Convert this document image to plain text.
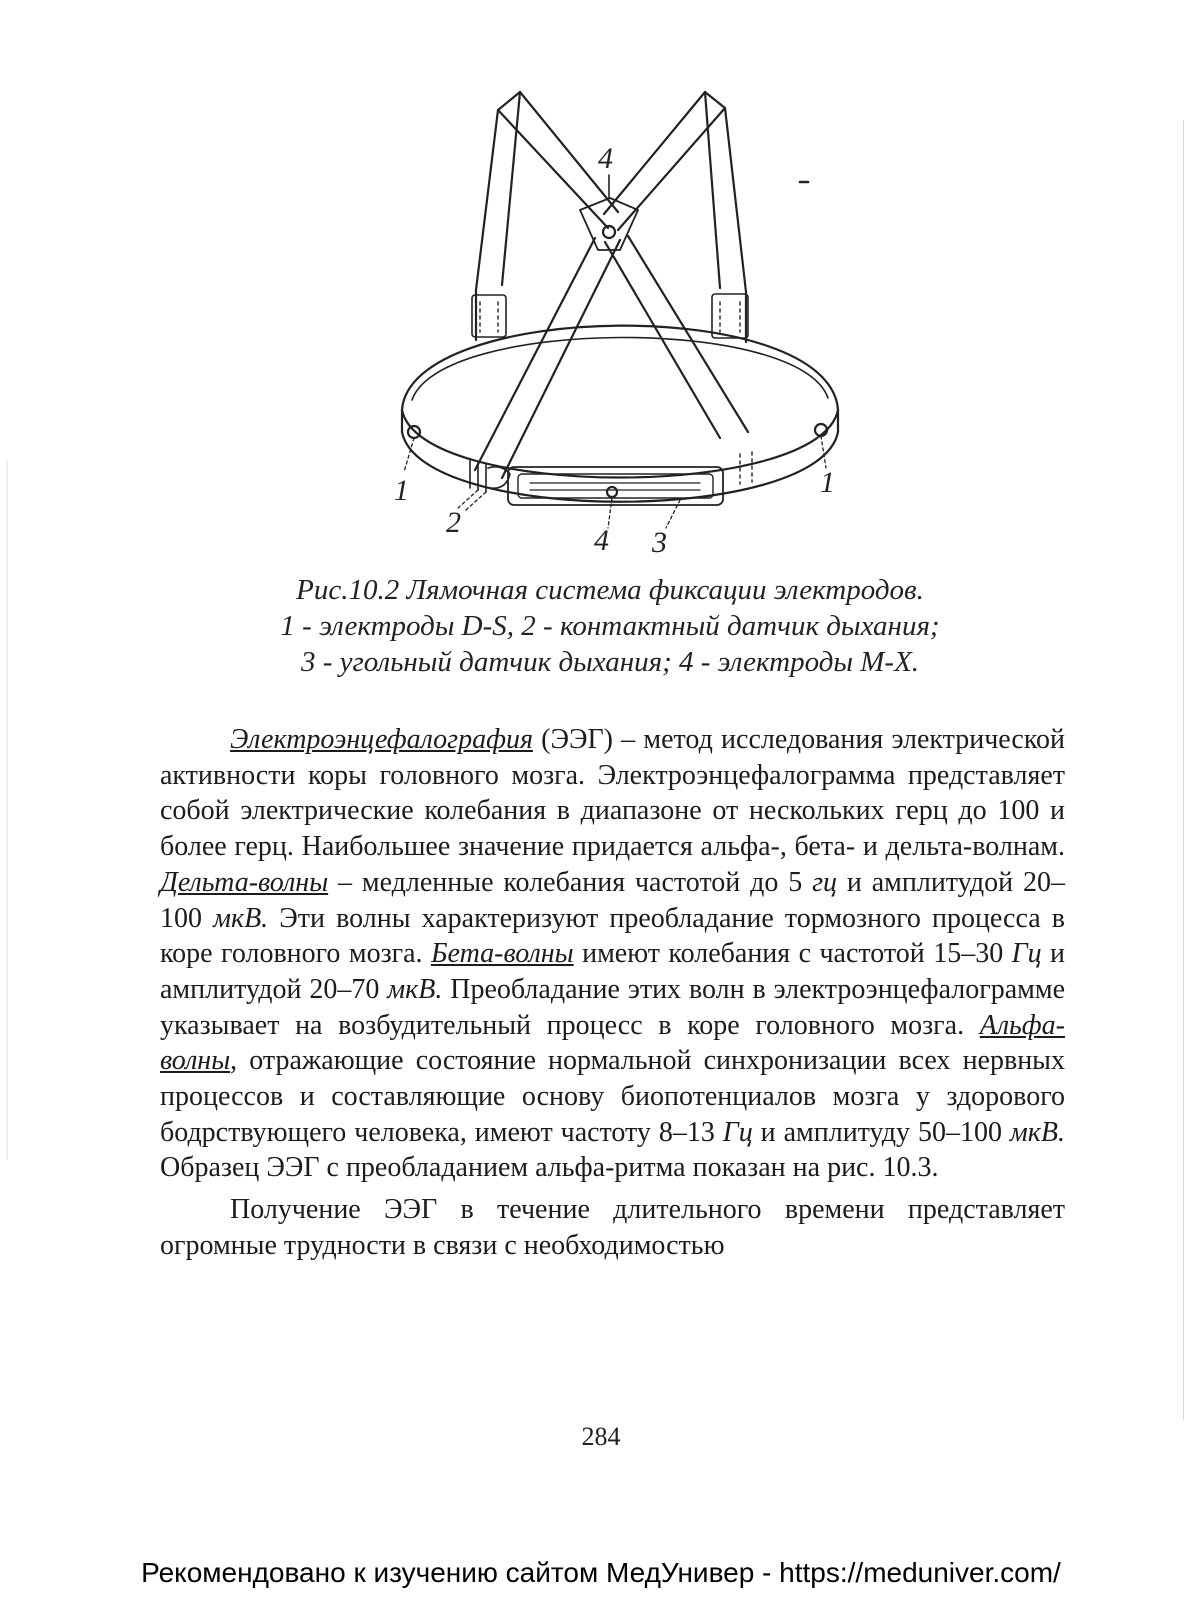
4
1	1
2
4 3
Рис.10.2 Лямочная система фиксации электродов.
1 - электроды D-S, 2 - контактный датчик дыхания;
3 - угольный датчик дыхания; 4 - электроды М-Х.

Электроэнцефалография (ЭЭГ) – метод исследования электрической активности коры головного мозга. Электроэнцефалограмма представляет собой электрические колебания в диапазоне от нескольких герц до 100 и более герц. Наибольшее значение придается альфа-, бета- и дельта-волнам. Дельта-волны – медленные колебания частотой до 5 гц и амплитудой 20–100 мкВ. Эти волны характеризуют преобладание тормозного процесса в коре головного мозга. Бета-волны имеют колебания с частотой 15–30 Гц и амплитудой 20–70 мкВ. Преобладание этих волн в электроэнцефалограмме указывает на возбудительный процесс в коре головного мозга. Альфа-волны, отражающие состояние нормальной синхронизации всех нервных процессов и составляющие основу биопотенциалов мозга у здорового бодрствующего человека, имеют частоту 8–13 Гц и амплитуду 50–100 мкВ. Образец ЭЭГ с преобладанием альфа-ритма показан на рис. 10.3.

Получение ЭЭГ в течение длительного времени представляет огромные трудности в связи с необходимостью

284
Рекомендовано к изучению сайтом МедУнивер - https://meduniver.com/
